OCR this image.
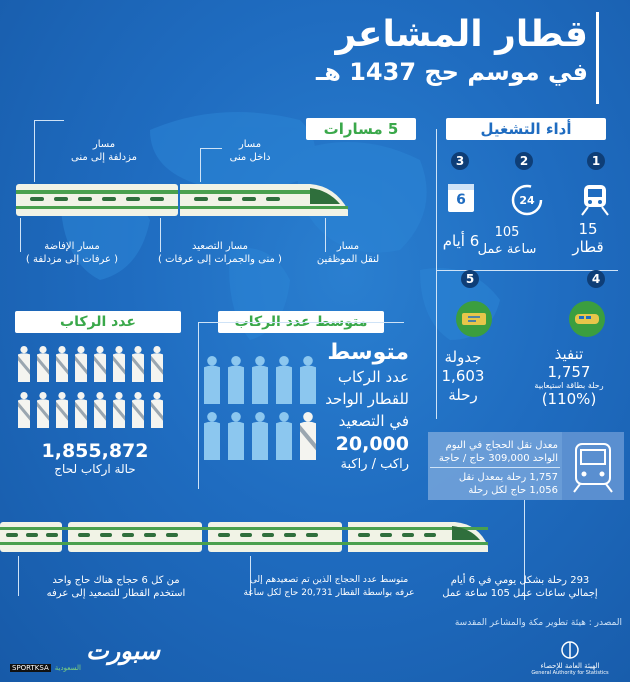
قطار المشاعر
في موسم حج 1437 هـ
أداء التشغيل
1
2
3
24
6
15
قطار
105
ساعة عمل
6 أيام
4
5
تنفيذ
1,757
رحلة بطاقة استيعابية
(110%)
جدولة
1,603
رحلة
معدل نقل الحجاج في اليوم
الواحد 309,000 حاج / حاجة
1,757 رحلة بمعدل نقل
1,056 حاج لكل رحلة
5 مسارات
مسار
مزدلفة إلى منى
مسار
داخل منى
مسار الإفاضة
( عرفات إلى مزدلفة )
مسار التصعيد
( منى والجمرات إلى عرفات )
مسار
لنقل الموظفين
عدد الركاب	متوسط عدد الركاب
1,855,872
حالة اركاب لحاج
متوسط
عدد الركاب
للقطار الواحد
في التصعيد
20,000
راكب / راكبة
293 رحلة بشكل يومي في 6 أيام
إجمالي ساعات عمل 105 ساعة عمل
متوسط عدد الحجاج الذين تم تصعيدهم إلى
عرفه بواسطة القطار 20,731 حاج لكل ساعة
من كل 6 حجاج هناك حاج واحد
استخدم القطار للتصعيد إلى عرفه
المصدر : هيئة تطوير مكة والمشاعر المقدسة
سبورت
SPORTKSA السعودية	الهيئة العامة للإحصاء
General Authority for Statistics
